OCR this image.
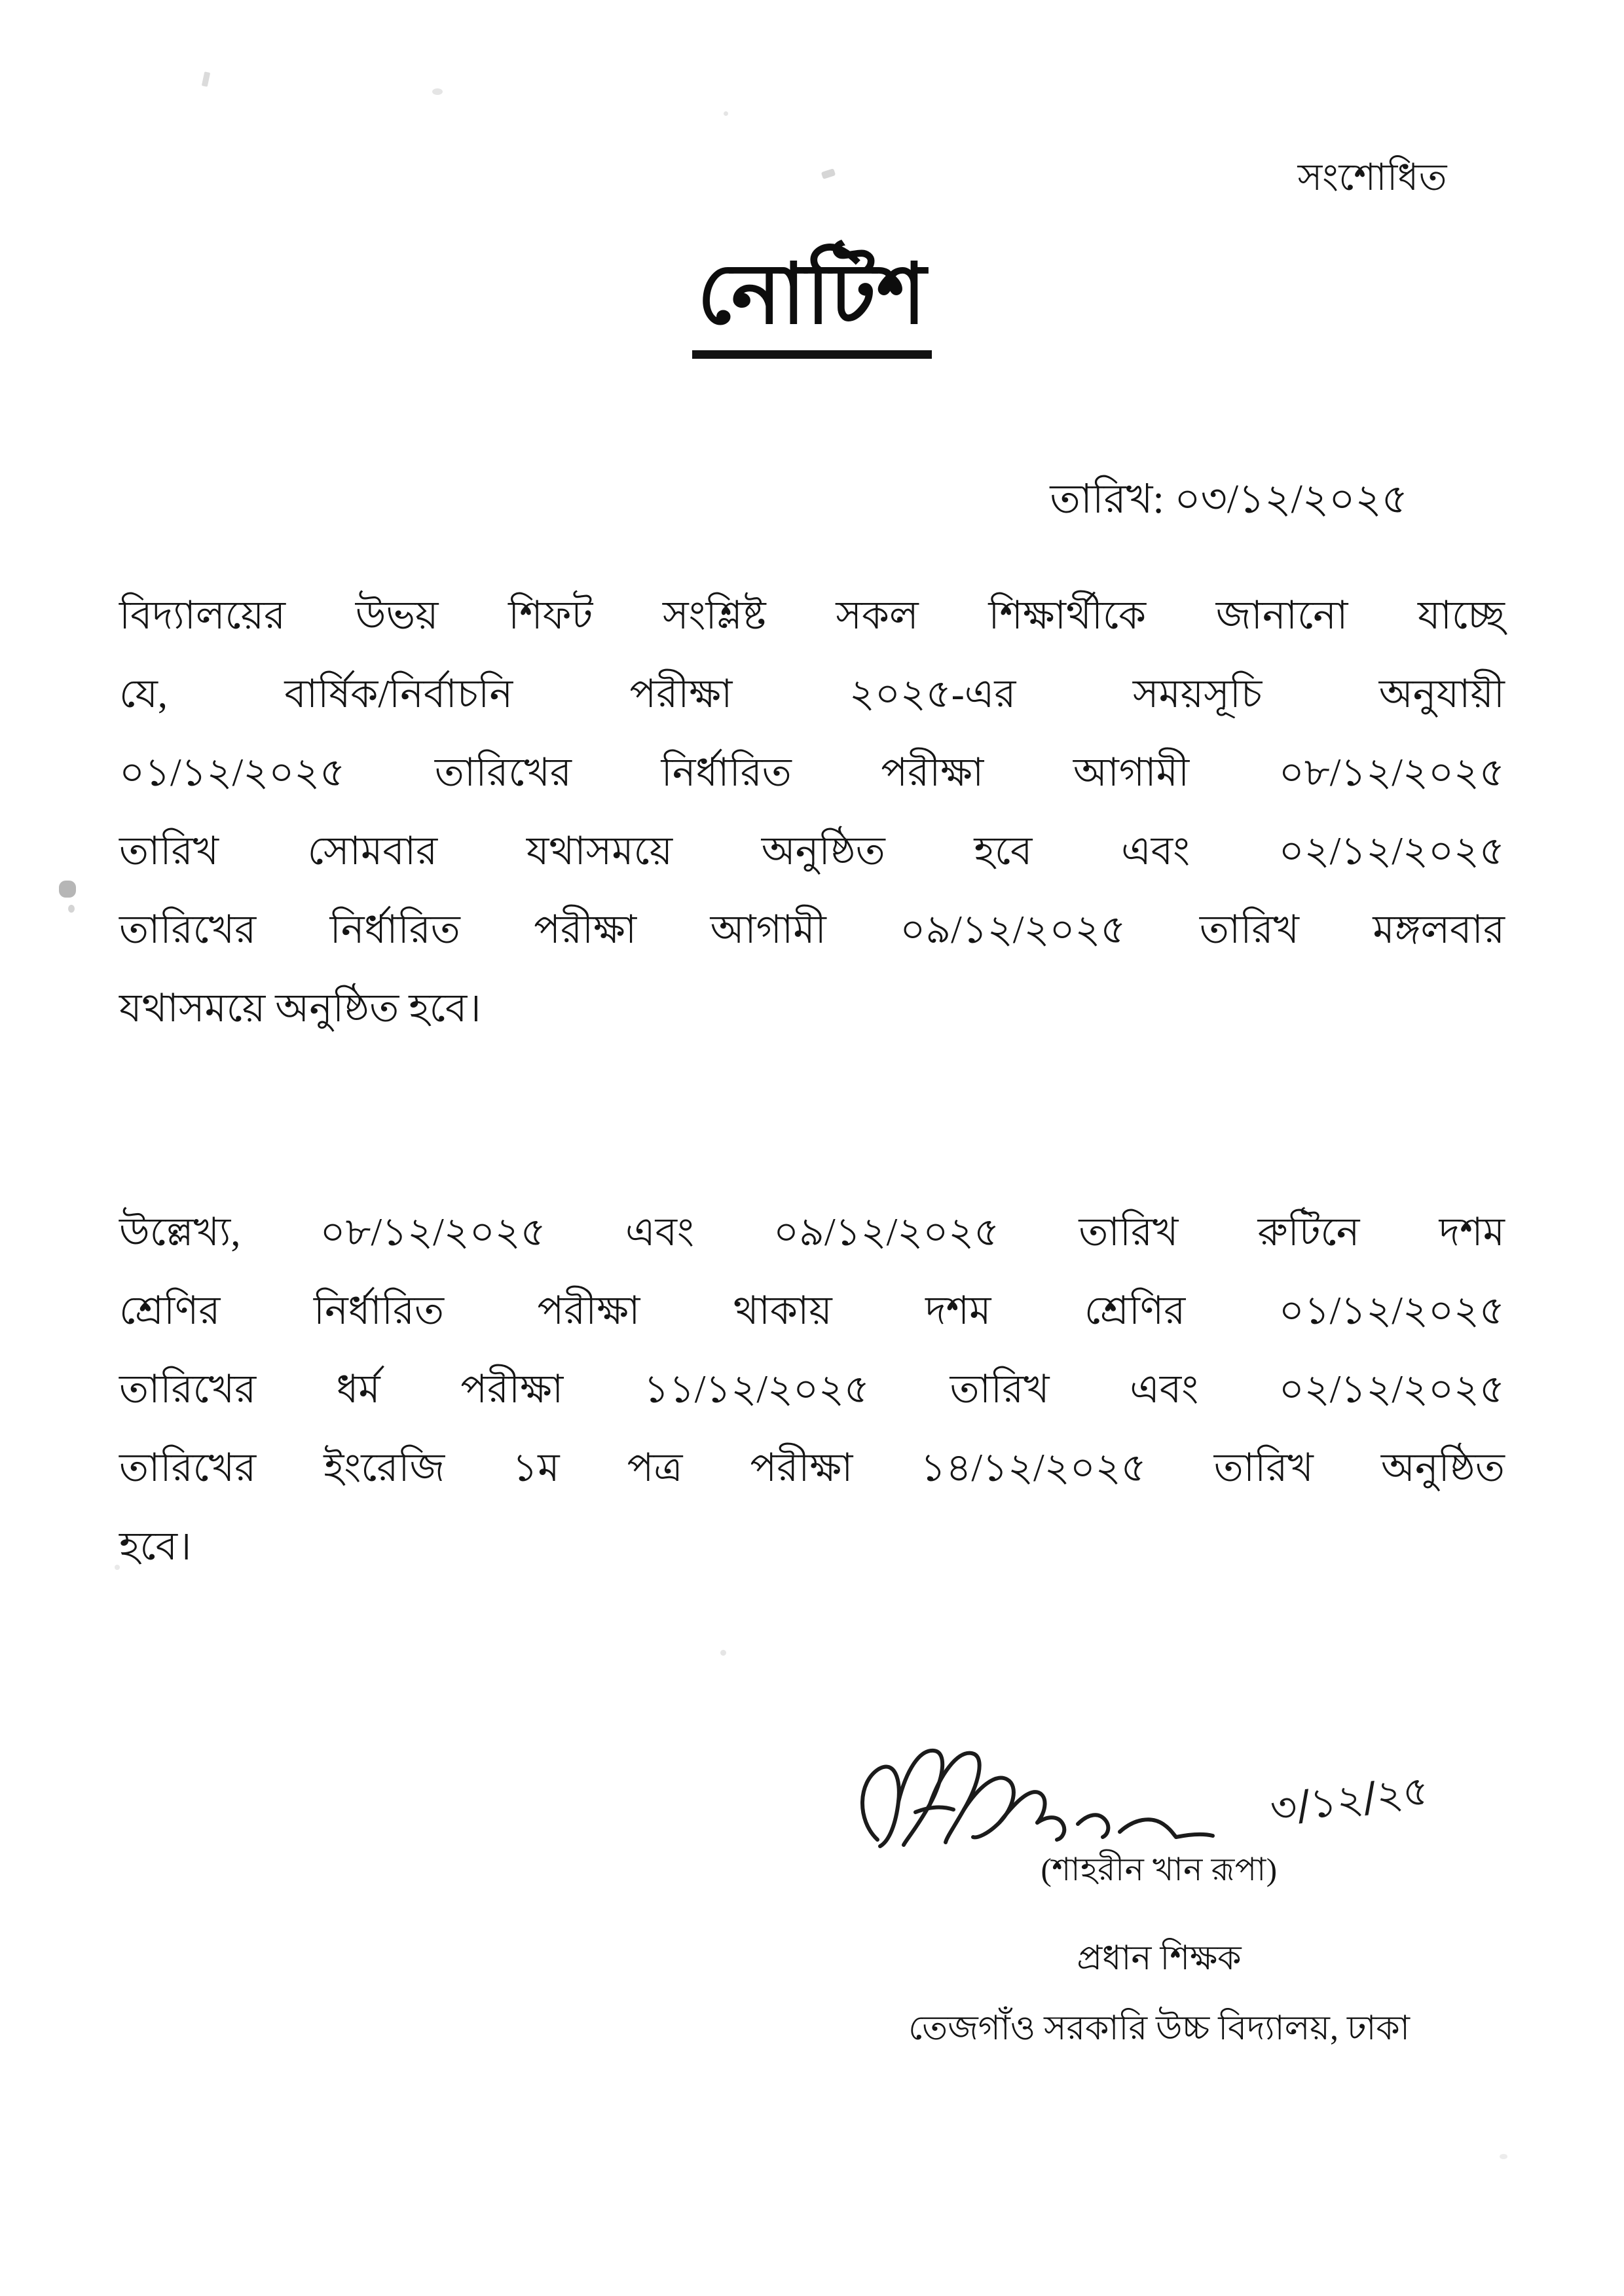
সংশোধিত
নোটিশ
তারিখ: ০৩/১২/২০২৫
বিদ্যালয়ের উভয় শিফট সংশ্লিষ্ট সকল শিক্ষার্থীকে জানানো যাচ্ছে
যে,	বার্ষিক/নির্বাচনি	পরীক্ষা	২০২৫-এর	সময়সূচি	অনুযায়ী
০১/১২/২০২৫ তারিখের নির্ধারিত পরীক্ষা আগামী ০৮/১২/২০২৫
তারিখ সোমবার যথাসময়ে অনুষ্ঠিত হবে এবং ০২/১২/২০২৫
তারিখের নির্ধারিত পরীক্ষা আগামী ০৯/১২/২০২৫ তারিখ মঙ্গলবার
যথাসময়ে অনুষ্ঠিত হবে।
উল্লেখ্য, ০৮/১২/২০২৫ এবং ০৯/১২/২০২৫ তারিখ রুটিনে দশম
শ্রেণির নির্ধারিত পরীক্ষা থাকায় দশম শ্রেণির ০১/১২/২০২৫
তারিখের ধর্ম পরীক্ষা ১১/১২/২০২৫ তারিখ এবং ০২/১২/২০২৫
তারিখের ইংরেজি ১ম পত্র পরীক্ষা ১৪/১২/২০২৫ তারিখ অনুষ্ঠিত
হবে।
৩/১২/২৫
(শাহরীন খান রূপা)
প্রধান শিক্ষক
তেজগাঁও সরকারি উচ্চ বিদ্যালয়, ঢাকা
